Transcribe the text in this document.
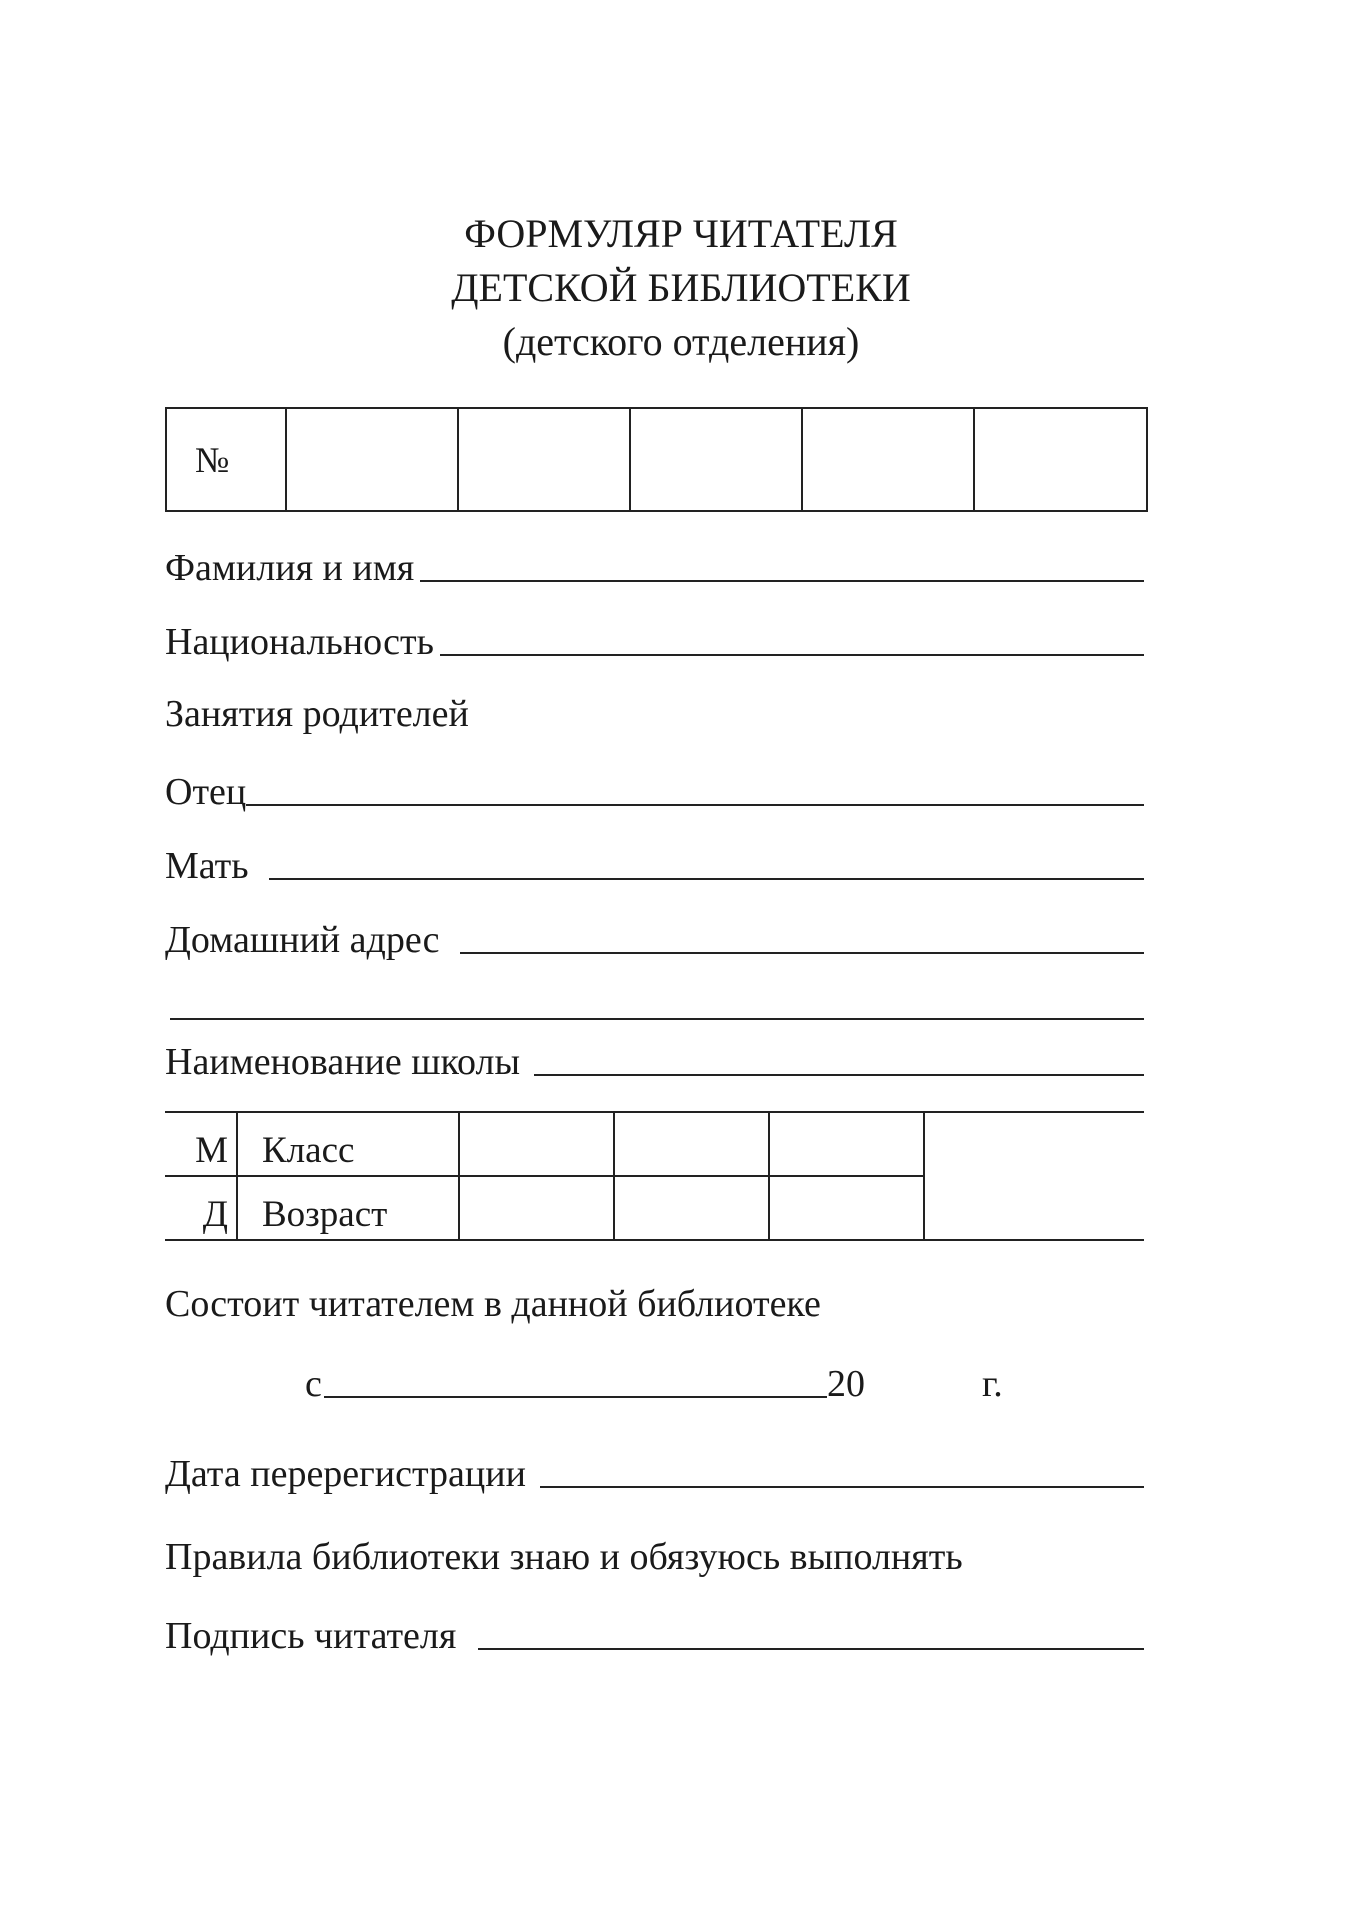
ФОРМУЛЯР ЧИТАТЕЛЯ
ДЕТСКОЙ БИБЛИОТЕКИ
(детского отделения)
№					
Фамилия и имя
Национальность
Занятия родителей
Отец
Мать
Домашний адрес
Наименование школы
М	Класс				
Д	Возраст				
Состоит читателем в данной библиотеке
с	20	г.
Дата перерегистрации
Правила библиотеки знаю и обязуюсь выполнять
Подпись читателя
